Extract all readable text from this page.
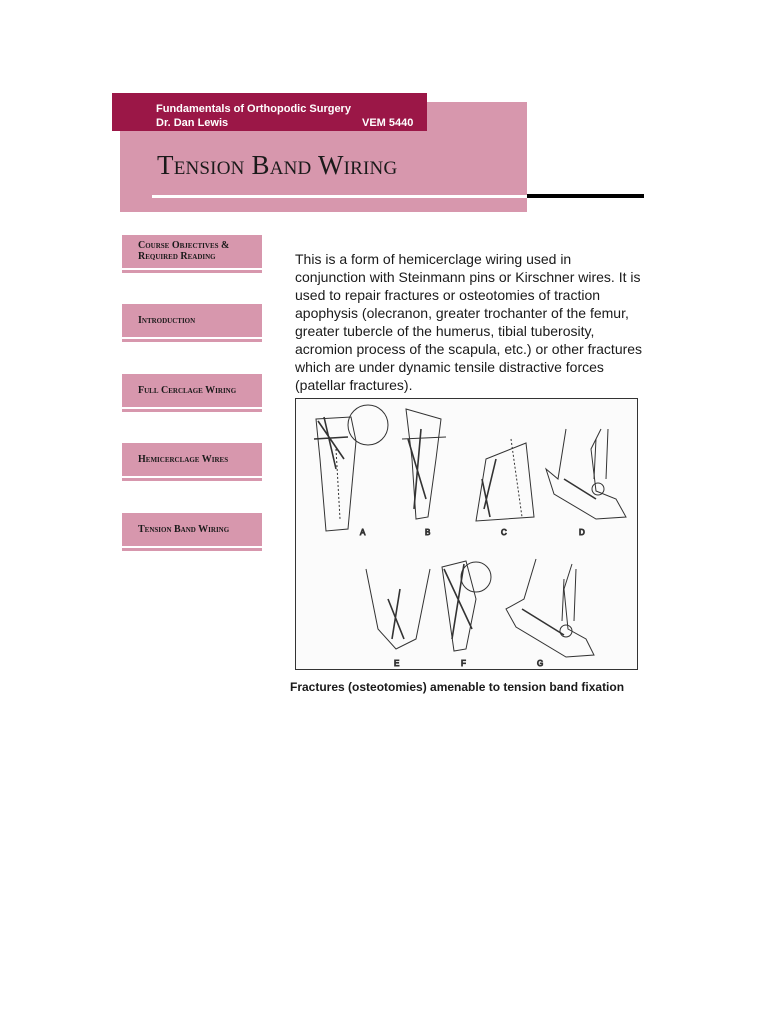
Fundamentals of Orthopodic Surgery
Dr. Dan Lewis	VEM 5440
Tension Band Wiring
Course Objectives &
Required Reading
Introduction
Full Cerclage Wiring
Hemicerclage Wires
Tension Band Wiring

This is a form of hemicerclage wiring used in conjunction with Steinmann pins or Kirschner wires. It is used to repair fractures or osteotomies of traction apophysis (olecranon, greater trochanter of the femur, greater tubercle of the humerus, tibial tuberosity, acromion process of the scapula, etc.) or other fractures which are under dynamic tensile distractive forces (patellar fractures).

A	B	C	D
E	F	G
Fractures (osteotomies) amenable to tension band fixation
